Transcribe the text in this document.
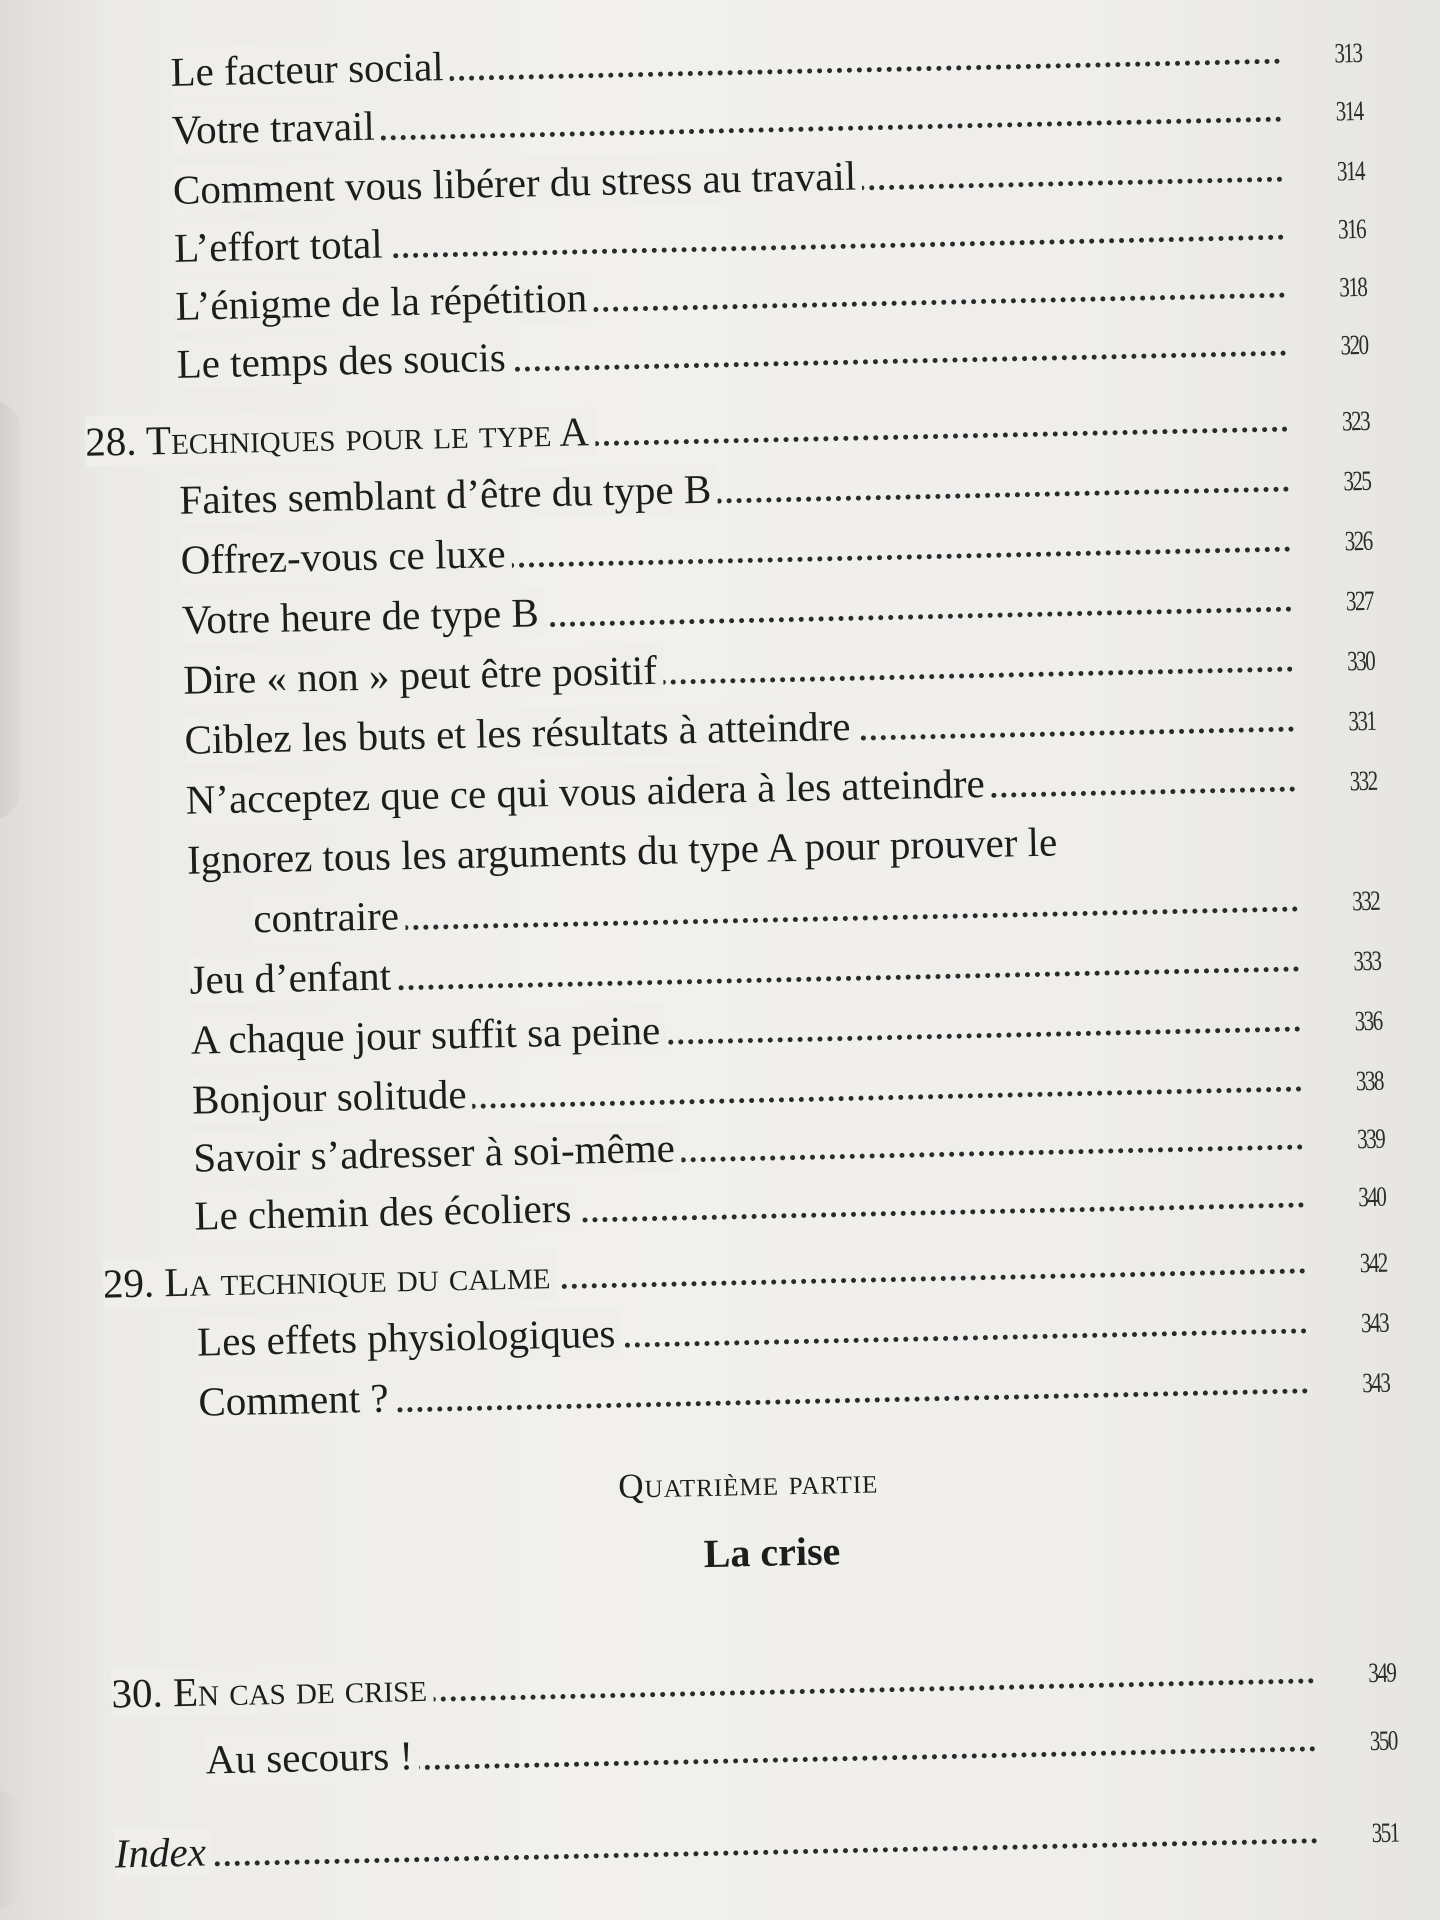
Le facteur social	313
Votre travail	314
Comment vous libérer du stress au travail	314
L’effort total	316
L’énigme de la répétition	318
Le temps des soucis	320
28. Techniques pour le type A	323
Faites semblant d’être du type B	325
Offrez-vous ce luxe	326
Votre heure de type B	327
Dire « non » peut être positif	330
Ciblez les buts et les résultats à atteindre	331
N’acceptez que ce qui vous aidera à les atteindre	332
Ignorez tous les arguments du type A pour prouver le
contraire	332
Jeu d’enfant	333
A chaque jour suffit sa peine	336
Bonjour solitude	338
Savoir s’adresser à soi-même	339
Le chemin des écoliers	340
29. La technique du calme	342
Les effets physiologiques	343
Comment ?	343
Quatrième partie
La crise
30. En cas de crise	349
Au secours !	350
Index	351
